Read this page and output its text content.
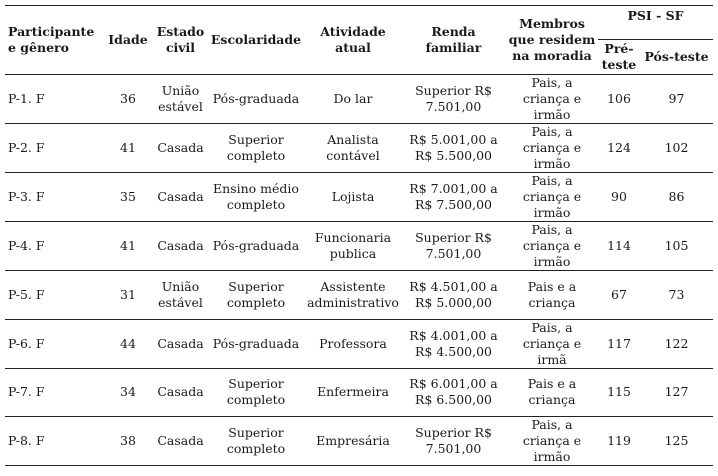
Participante e gênero	Idade	Estado civil	Escolaridade	Atividade atual	Renda familiar	Membros que residem na moradia	PSI - SF	
							Pré-teste	Pós-teste
P-1. F	36	União estável	Pós-graduada	Do lar	Superior R$ 7.501,00	Pais, a criança e irmão	106	97
P-2. F	41	Casada	Superior completo	Analista contável	R$ 5.001,00 a R$ 5.500,00	Pais, a criança e irmão	124	102
P-3. F	35	Casada	Ensino médio completo	Lojista	R$ 7.001,00 a R$ 7.500,00	Pais, a criança e irmão	90	86
P-4. F	41	Casada	Pós-graduada	Funcionaria publica	Superior R$ 7.501,00	Pais, a criança e irmão	114	105
P-5. F	31	União estável	Superior completo	Assistente administrativo	R$ 4.501,00 a R$ 5.000,00	Pais e a criança	67	73
P-6. F	44	Casada	Pós-graduada	Professora	R$ 4.001,00 a R$ 4.500,00	Pais, a criança e irmã	117	122
P-7. F	34	Casada	Superior completo	Enfermeira	R$ 6.001,00 a R$ 6.500,00	Pais e a criança	115	127
P-8. F	38	Casada	Superior completo	Empresária	Superior R$ 7.501,00	Pais, a criança e irmão	119	125
